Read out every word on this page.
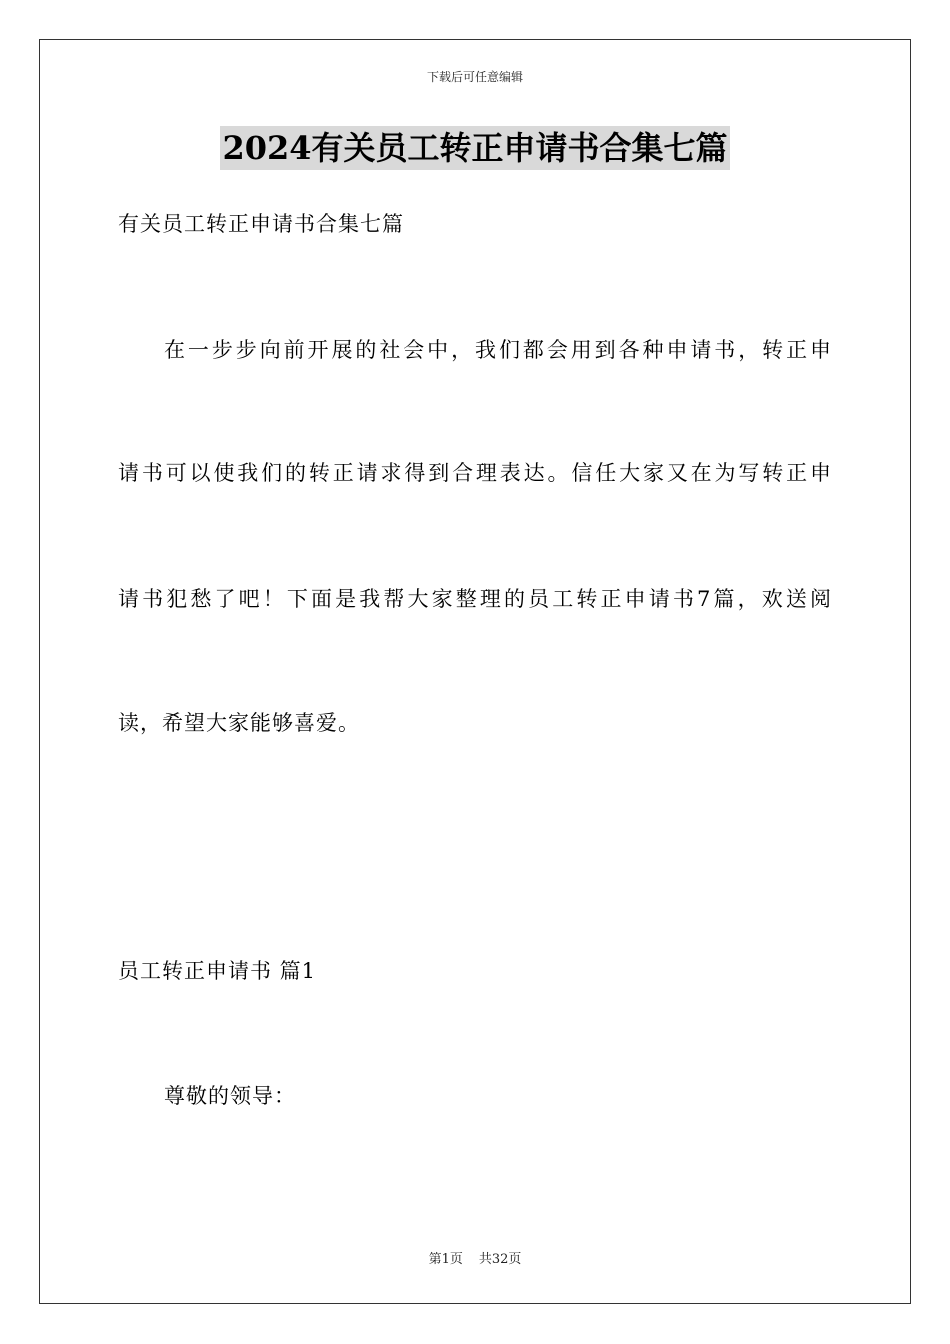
下载后可任意编辑
2024有关员工转正申请书合集七篇
有关员工转正申请书合集七篇
在一步步向前开展的社会中，我们都会用到各种申请书，转正申
请书可以使我们的转正请求得到合理表达。信任大家又在为写转正申
请书犯愁了吧！下面是我帮大家整理的员工转正申请书7篇，欢送阅
读，希望大家能够喜爱。
员工转正申请书 篇1
尊敬的领导：
第1页 共32页
